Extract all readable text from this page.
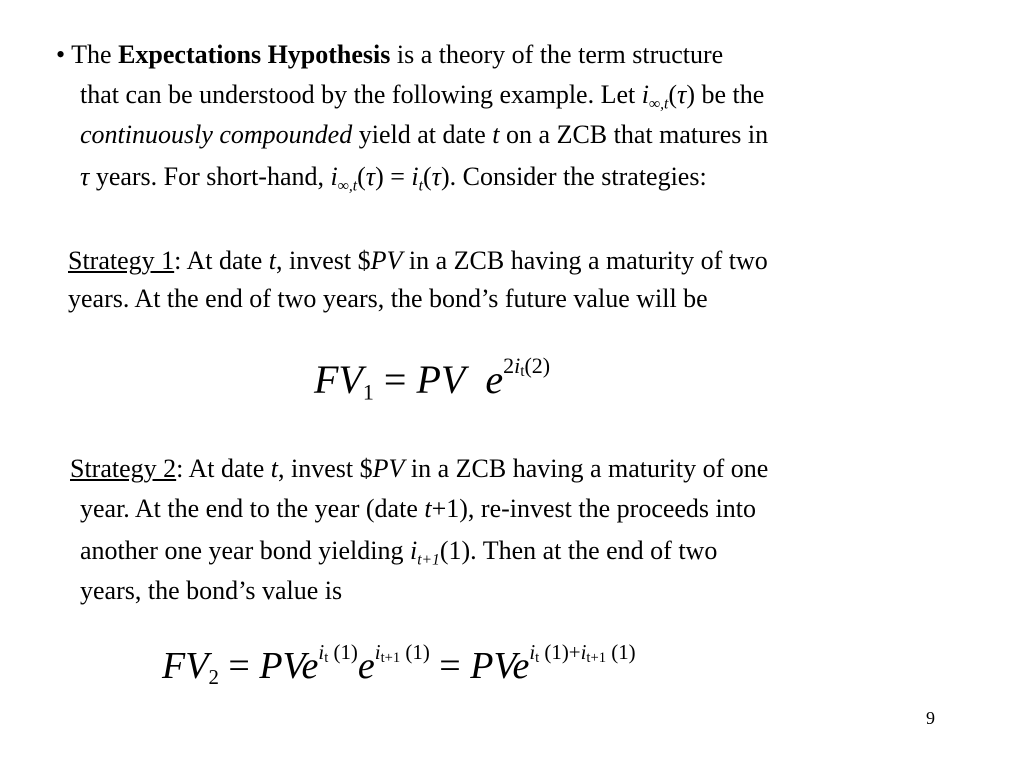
• The Expectations Hypothesis is a theory of the term structure
that can be understood by the following example. Let $i_{\infty,t}(\tau)$ be the
continuously compounded yield at date t on a ZCB that matures in
τ years. For short-hand, $i_{\infty,t}(\tau) = i_t(\tau)$. Consider the strategies:
Strategy 1: At date t, invest $PV in a ZCB having a maturity of two
years. At the end of two years, the bond’s future value will be
$FV_1$ = PV $e^{2i_t(2)}$
Strategy 2: At date t, invest $PV in a ZCB having a maturity of one
year. At the end to the year (date t+1), re-invest the proceeds into
another one year bond yielding $i_{t+1}(1)$. Then at the end of two
years, the bond’s value is
$FV_2 = PVe^{i_t (1)}e^{i_{t+1} (1)} = PVe^{i_t (1)+i_{t+1} (1)}$
9
